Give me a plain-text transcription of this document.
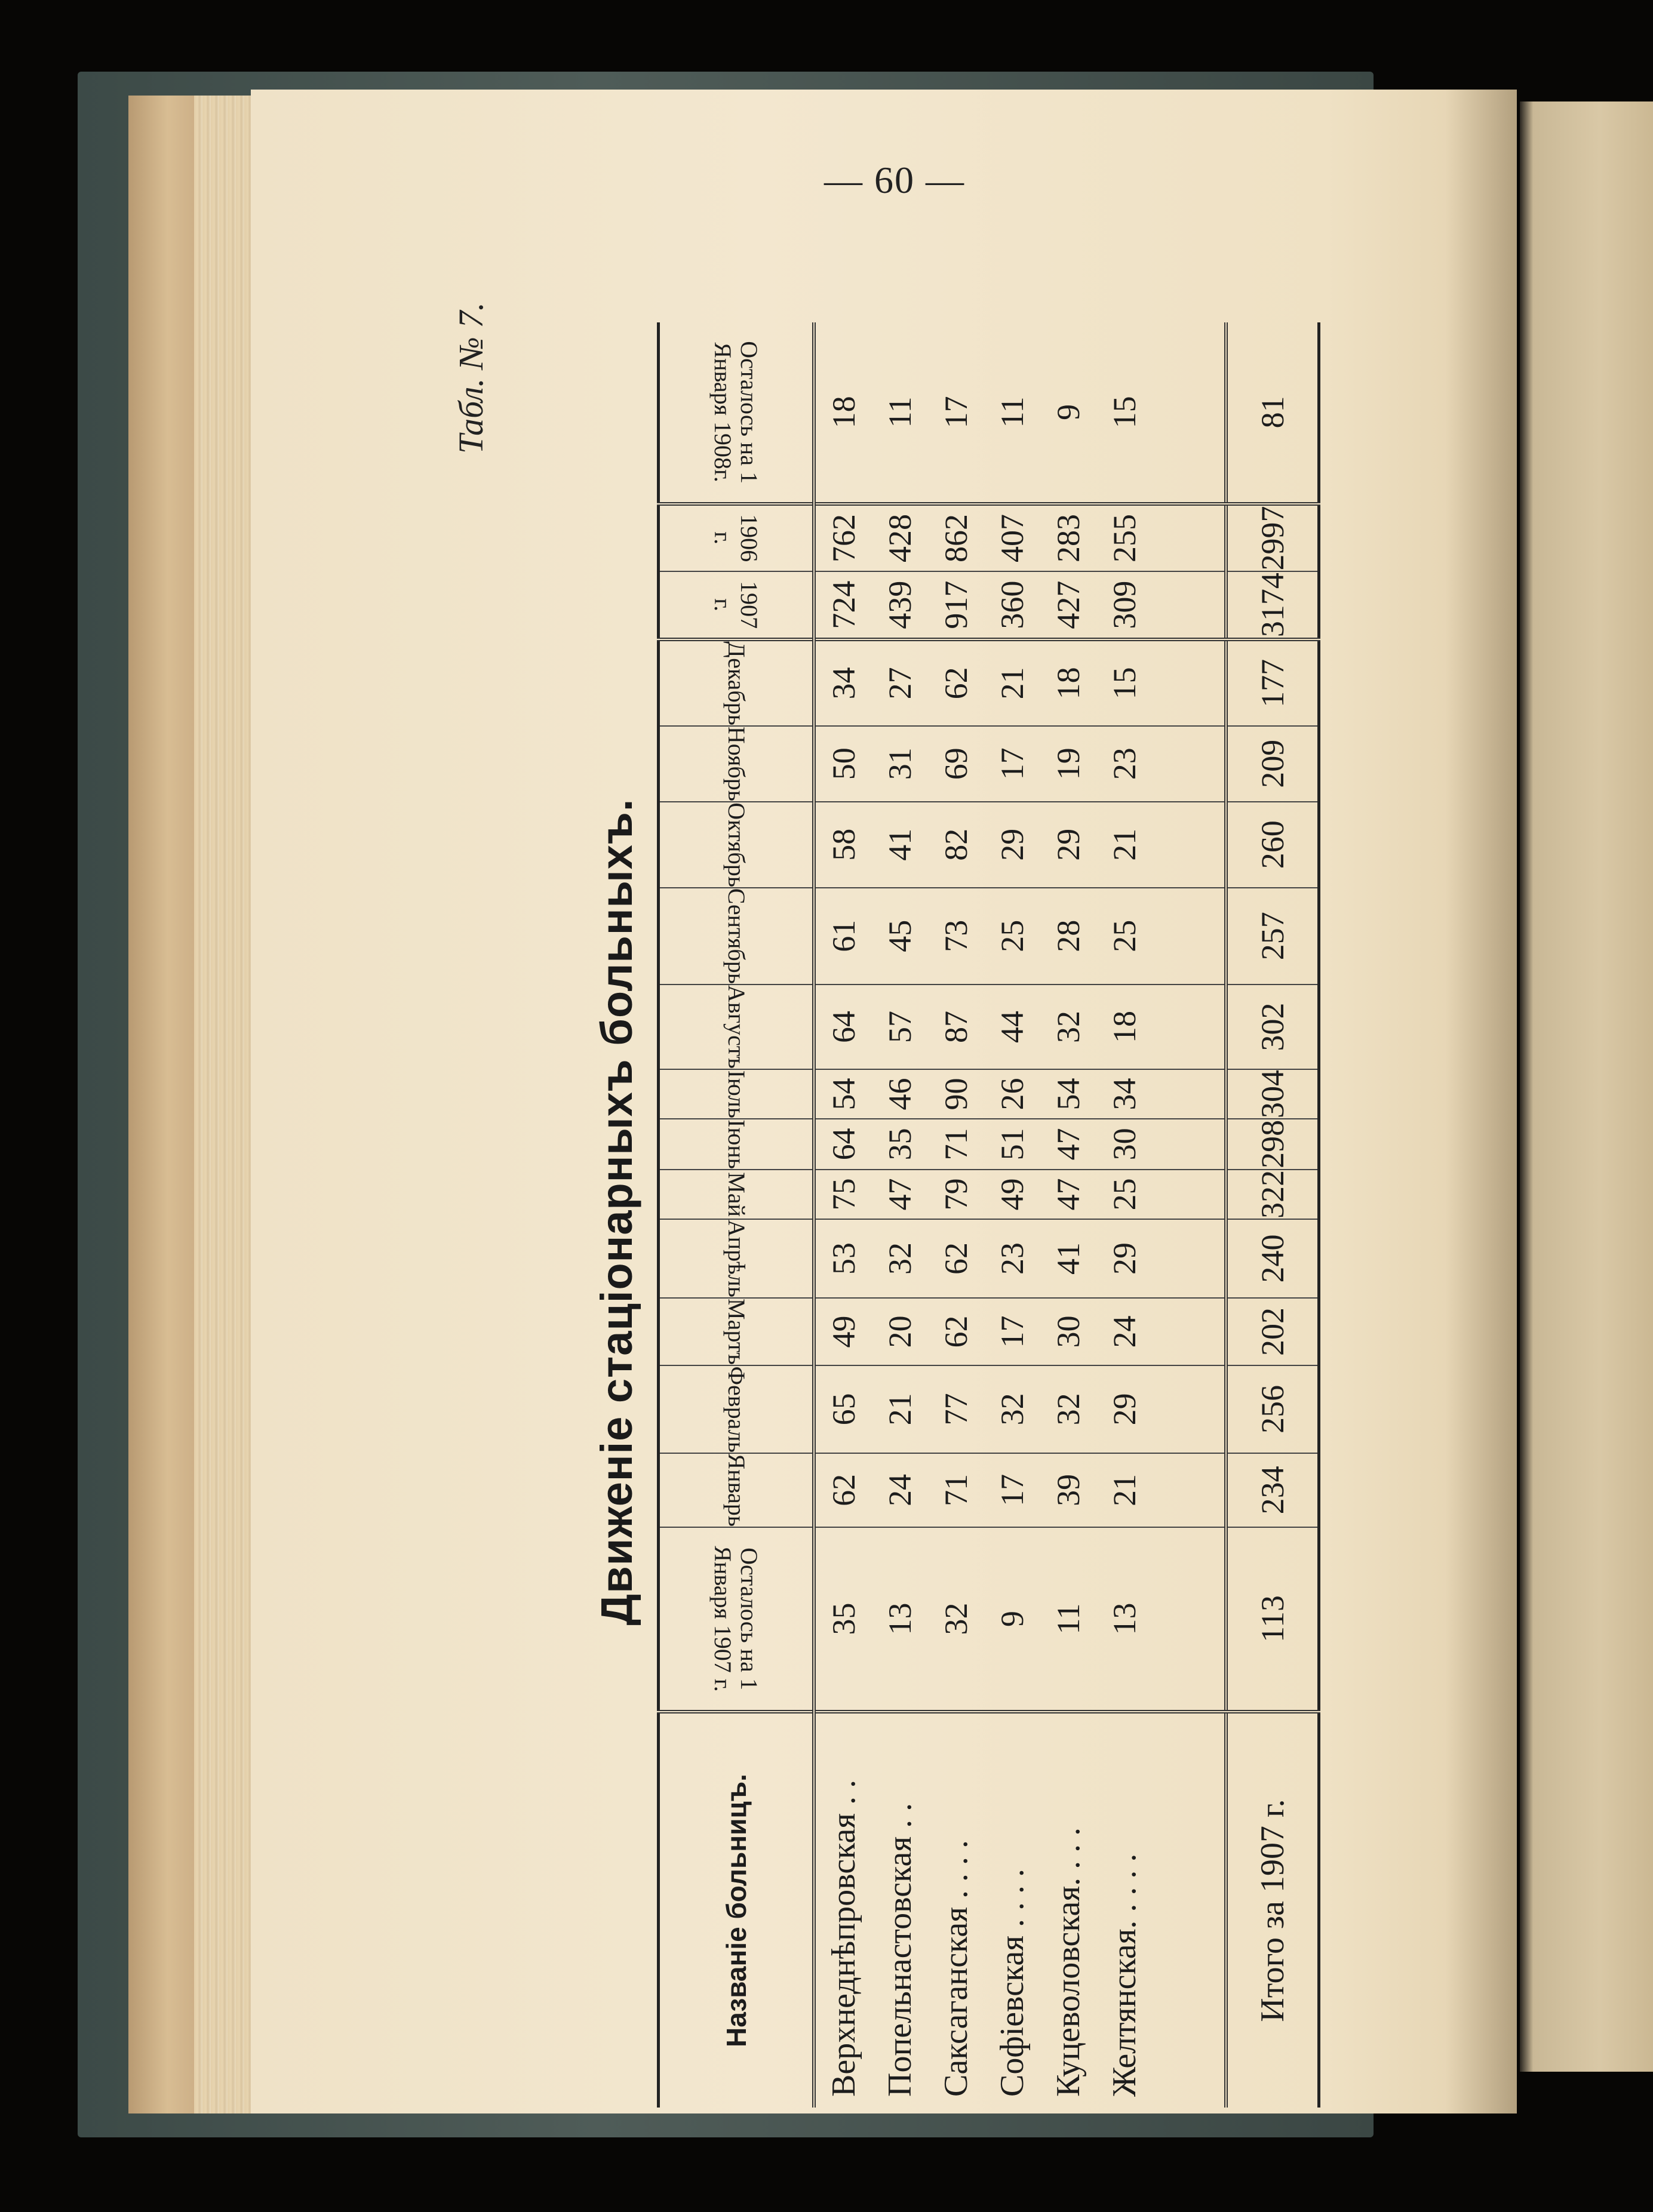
— 60 —
Табл. № 7.
Движеніе стаціонарныхъ больныхъ.
Названіе больницъ.	Осталось на 1 Января 1907 г.	Январь	Февраль	Мартъ	Апрѣль	Май	Іюнь	Іюль	Августъ	Сентябрь	Октябрь	Ноябрь	Декабрь	1907 г.	1906 г.	Осталось на 1 Января 1908г.
Верхнеднѣпровская . .	35	62	65	49	53	75	64	54	64	61	58	50	34	724	762	18
Попельнастовская . .	13	24	21	20	32	47	35	46	57	45	41	31	27	439	428	11
Саксаганская . . . .	32	71	77	62	62	79	71	90	87	73	82	69	62	917	862	17
Софіевская . . . .	9	17	32	17	23	49	51	26	44	25	29	17	21	360	407	11
Куцеволовская. . . .	11	39	32	30	41	47	47	54	32	28	29	19	18	427	283	9
Желтянская. . . . .	13	21	29	24	29	25	30	34	18	25	21	23	15	309	255	15

Итого за 1907 г.	113	234	256	202	240	322	298	304	302	257	260	209	177	3174	2997	81
